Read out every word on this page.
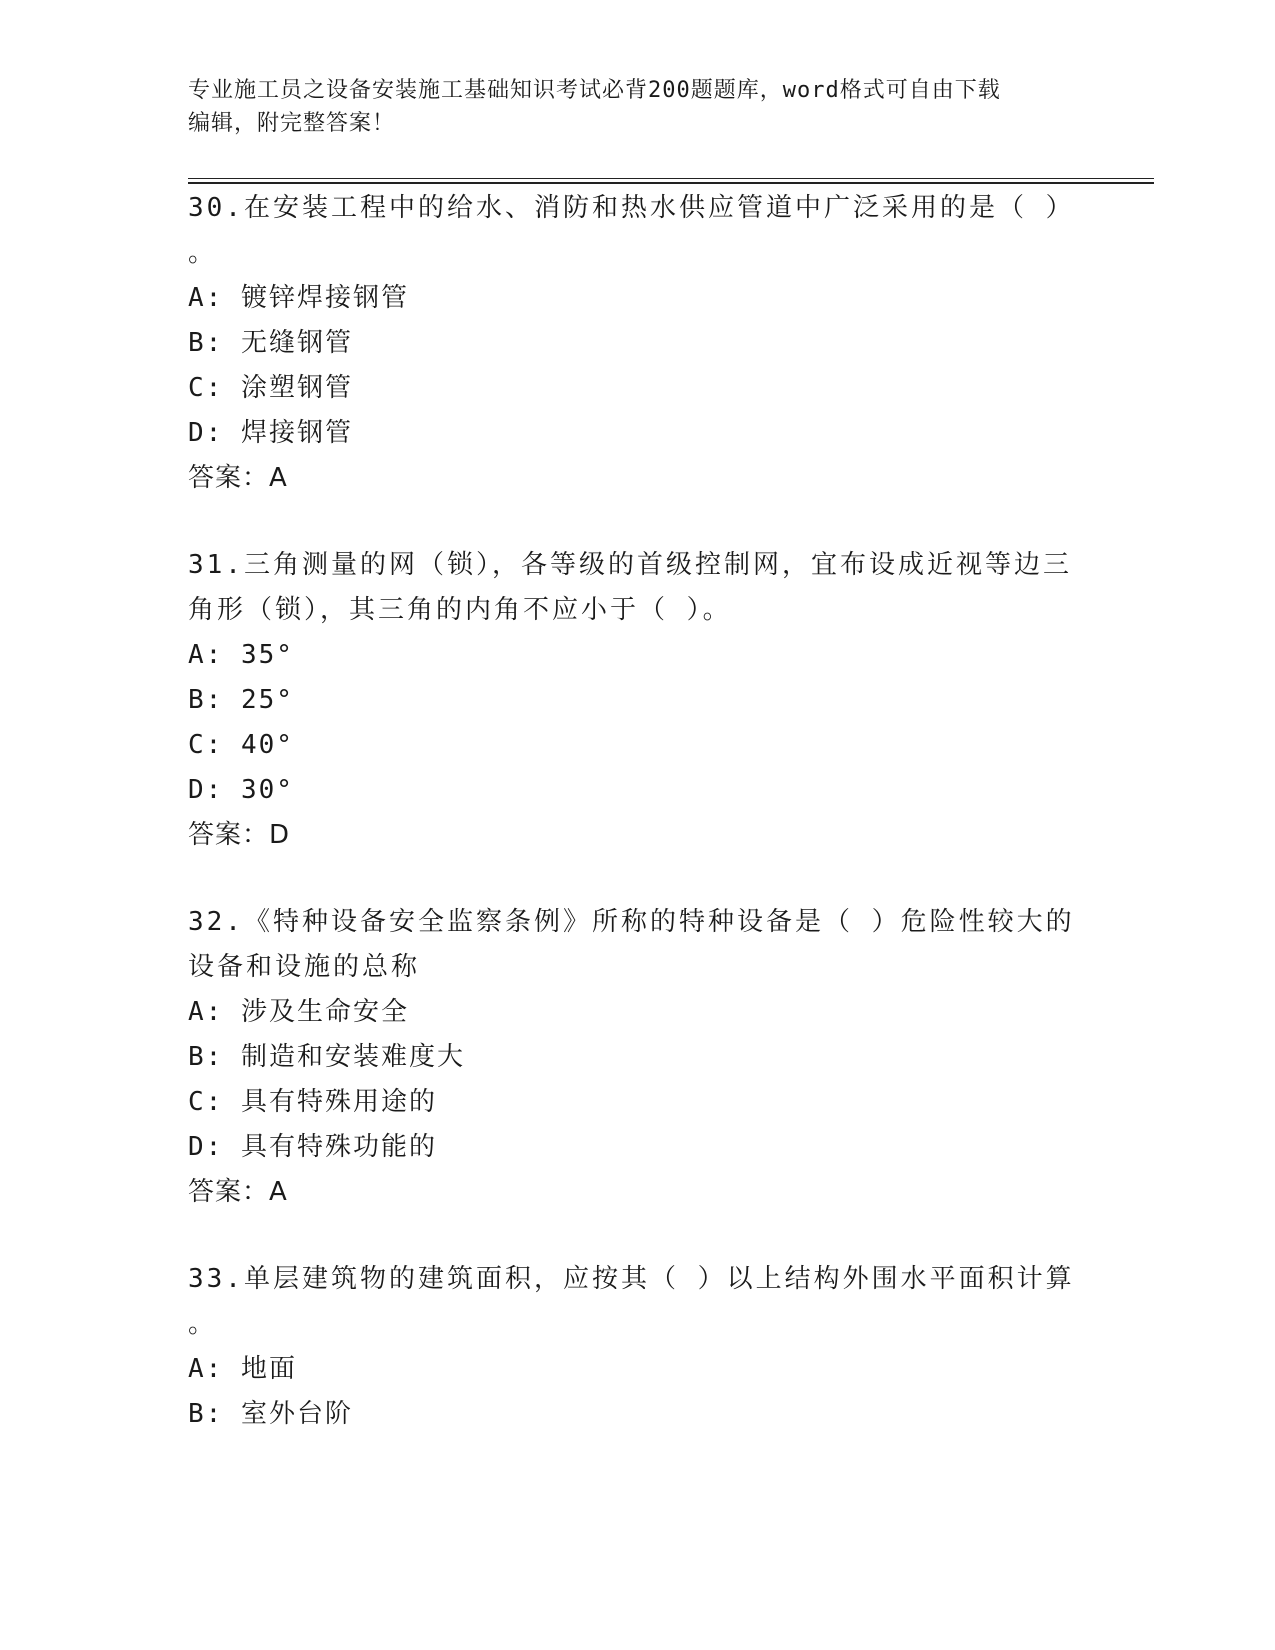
专业施工员之设备安装施工基础知识考试必背200题题库，word格式可自由下载
编辑，附完整答案！

30.在安装工程中的给水、消防和热水供应管道中广泛采用的是（ ）

。

A: 镀锌焊接钢管

B: 无缝钢管

C: 涂塑钢管

D: 焊接钢管

答案：A

31.三角测量的网（锁），各等级的首级控制网，宜布设成近视等边三角形（锁），其三角的内角不应小于（ ）。

A: 35°

B: 25°

C: 40°

D: 30°

答案：D

32.《特种设备安全监察条例》所称的特种设备是（ ）危险性较大的设备和设施的总称

A: 涉及生命安全

B: 制造和安装难度大

C: 具有特殊用途的

D: 具有特殊功能的

答案：A

33.单层建筑物的建筑面积，应按其（ ）以上结构外围水平面积计算

。

A: 地面

B: 室外台阶
